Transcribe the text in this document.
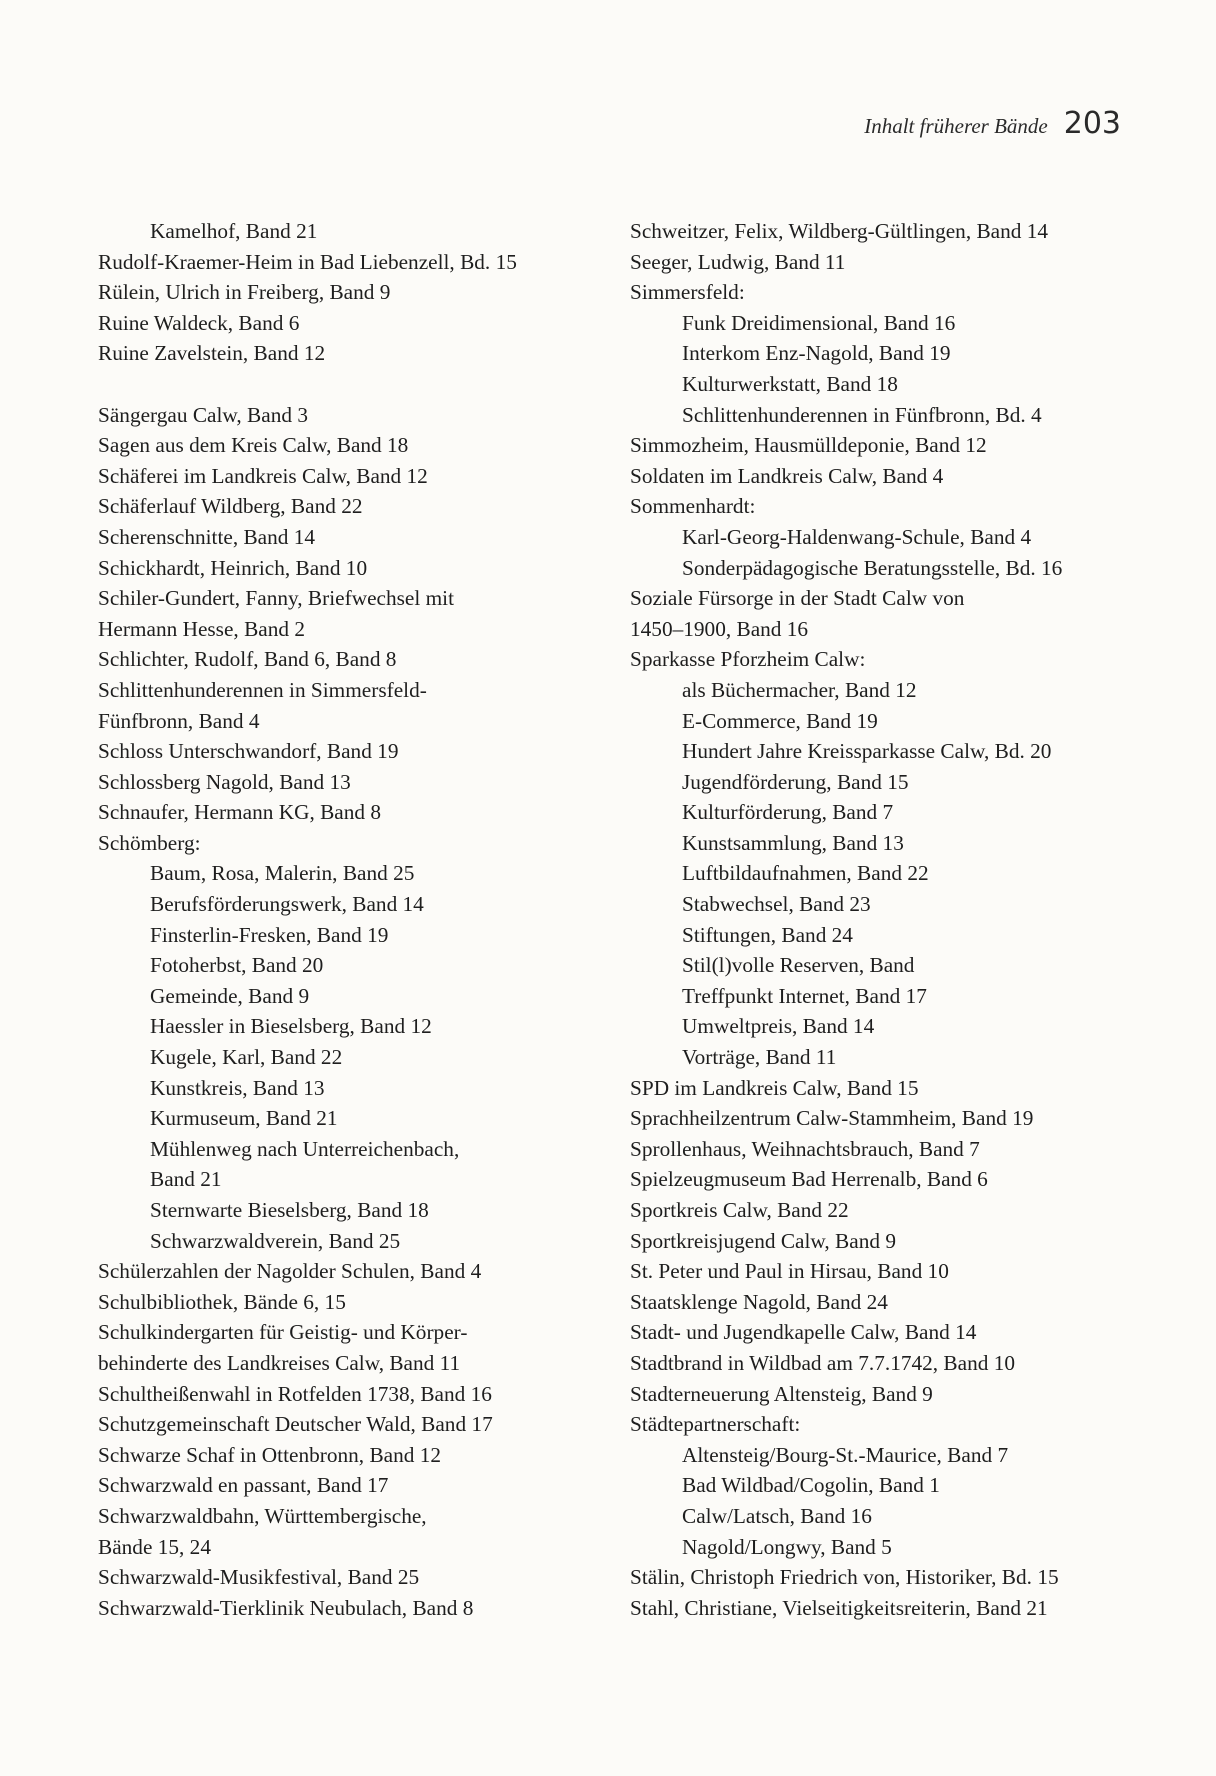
Inhalt früherer Bände 203
Kamelhof, Band 21
Rudolf-Kraemer-Heim in Bad Liebenzell, Bd. 15
Rülein, Ulrich in Freiberg, Band 9
Ruine Waldeck, Band 6
Ruine Zavelstein, Band 12
Sängergau Calw, Band 3
Sagen aus dem Kreis Calw, Band 18
Schäferei im Landkreis Calw, Band 12
Schäferlauf Wildberg, Band 22
Scherenschnitte, Band 14
Schickhardt, Heinrich, Band 10
Schiler-Gundert, Fanny, Briefwechsel mit
Hermann Hesse, Band 2
Schlichter, Rudolf, Band 6, Band 8
Schlittenhunderennen in Simmersfeld-
Fünfbronn, Band 4
Schloss Unterschwandorf, Band 19
Schlossberg Nagold, Band 13
Schnaufer, Hermann KG, Band 8
Schömberg:
Baum, Rosa, Malerin, Band 25
Berufsförderungswerk, Band 14
Finsterlin-Fresken, Band 19
Fotoherbst, Band 20
Gemeinde, Band 9
Haessler in Bieselsberg, Band 12
Kugele, Karl, Band 22
Kunstkreis, Band 13
Kurmuseum, Band 21
Mühlenweg nach Unterreichenbach,
Band 21
Sternwarte Bieselsberg, Band 18
Schwarzwaldverein, Band 25
Schülerzahlen der Nagolder Schulen, Band 4
Schulbibliothek, Bände 6, 15
Schulkindergarten für Geistig- und Körper-
behinderte des Landkreises Calw, Band 11
Schultheißenwahl in Rotfelden 1738, Band 16
Schutzgemeinschaft Deutscher Wald, Band 17
Schwarze Schaf in Ottenbronn, Band 12
Schwarzwald en passant, Band 17
Schwarzwaldbahn, Württembergische,
Bände 15, 24
Schwarzwald-Musikfestival, Band 25
Schwarzwald-Tierklinik Neubulach, Band 8
Schweitzer, Felix, Wildberg-Gültlingen, Band 14
Seeger, Ludwig, Band 11
Simmersfeld:
Funk Dreidimensional, Band 16
Interkom Enz-Nagold, Band 19
Kulturwerkstatt, Band 18
Schlittenhunderennen in Fünfbronn, Bd. 4
Simmozheim, Hausmülldeponie, Band 12
Soldaten im Landkreis Calw, Band 4
Sommenhardt:
Karl-Georg-Haldenwang-Schule, Band 4
Sonderpädagogische Beratungsstelle, Bd. 16
Soziale Fürsorge in der Stadt Calw von
1450–1900, Band 16
Sparkasse Pforzheim Calw:
als Büchermacher, Band 12
E-Commerce, Band 19
Hundert Jahre Kreissparkasse Calw, Bd. 20
Jugendförderung, Band 15
Kulturförderung, Band 7
Kunstsammlung, Band 13
Luftbildaufnahmen, Band 22
Stabwechsel, Band 23
Stiftungen, Band 24
Stil(l)volle Reserven, Band
Treffpunkt Internet, Band 17
Umweltpreis, Band 14
Vorträge, Band 11
SPD im Landkreis Calw, Band 15
Sprachheilzentrum Calw-Stammheim, Band 19
Sprollenhaus, Weihnachtsbrauch, Band 7
Spielzeugmuseum Bad Herrenalb, Band 6
Sportkreis Calw, Band 22
Sportkreisjugend Calw, Band 9
St. Peter und Paul in Hirsau, Band 10
Staatsklenge Nagold, Band 24
Stadt- und Jugendkapelle Calw, Band 14
Stadtbrand in Wildbad am 7.7.1742, Band 10
Stadterneuerung Altensteig, Band 9
Städtepartnerschaft:
Altensteig/Bourg-St.-Maurice, Band 7
Bad Wildbad/Cogolin, Band 1
Calw/Latsch, Band 16
Nagold/Longwy, Band 5
Stälin, Christoph Friedrich von, Historiker, Bd. 15
Stahl, Christiane, Vielseitigkeitsreiterin, Band 21
